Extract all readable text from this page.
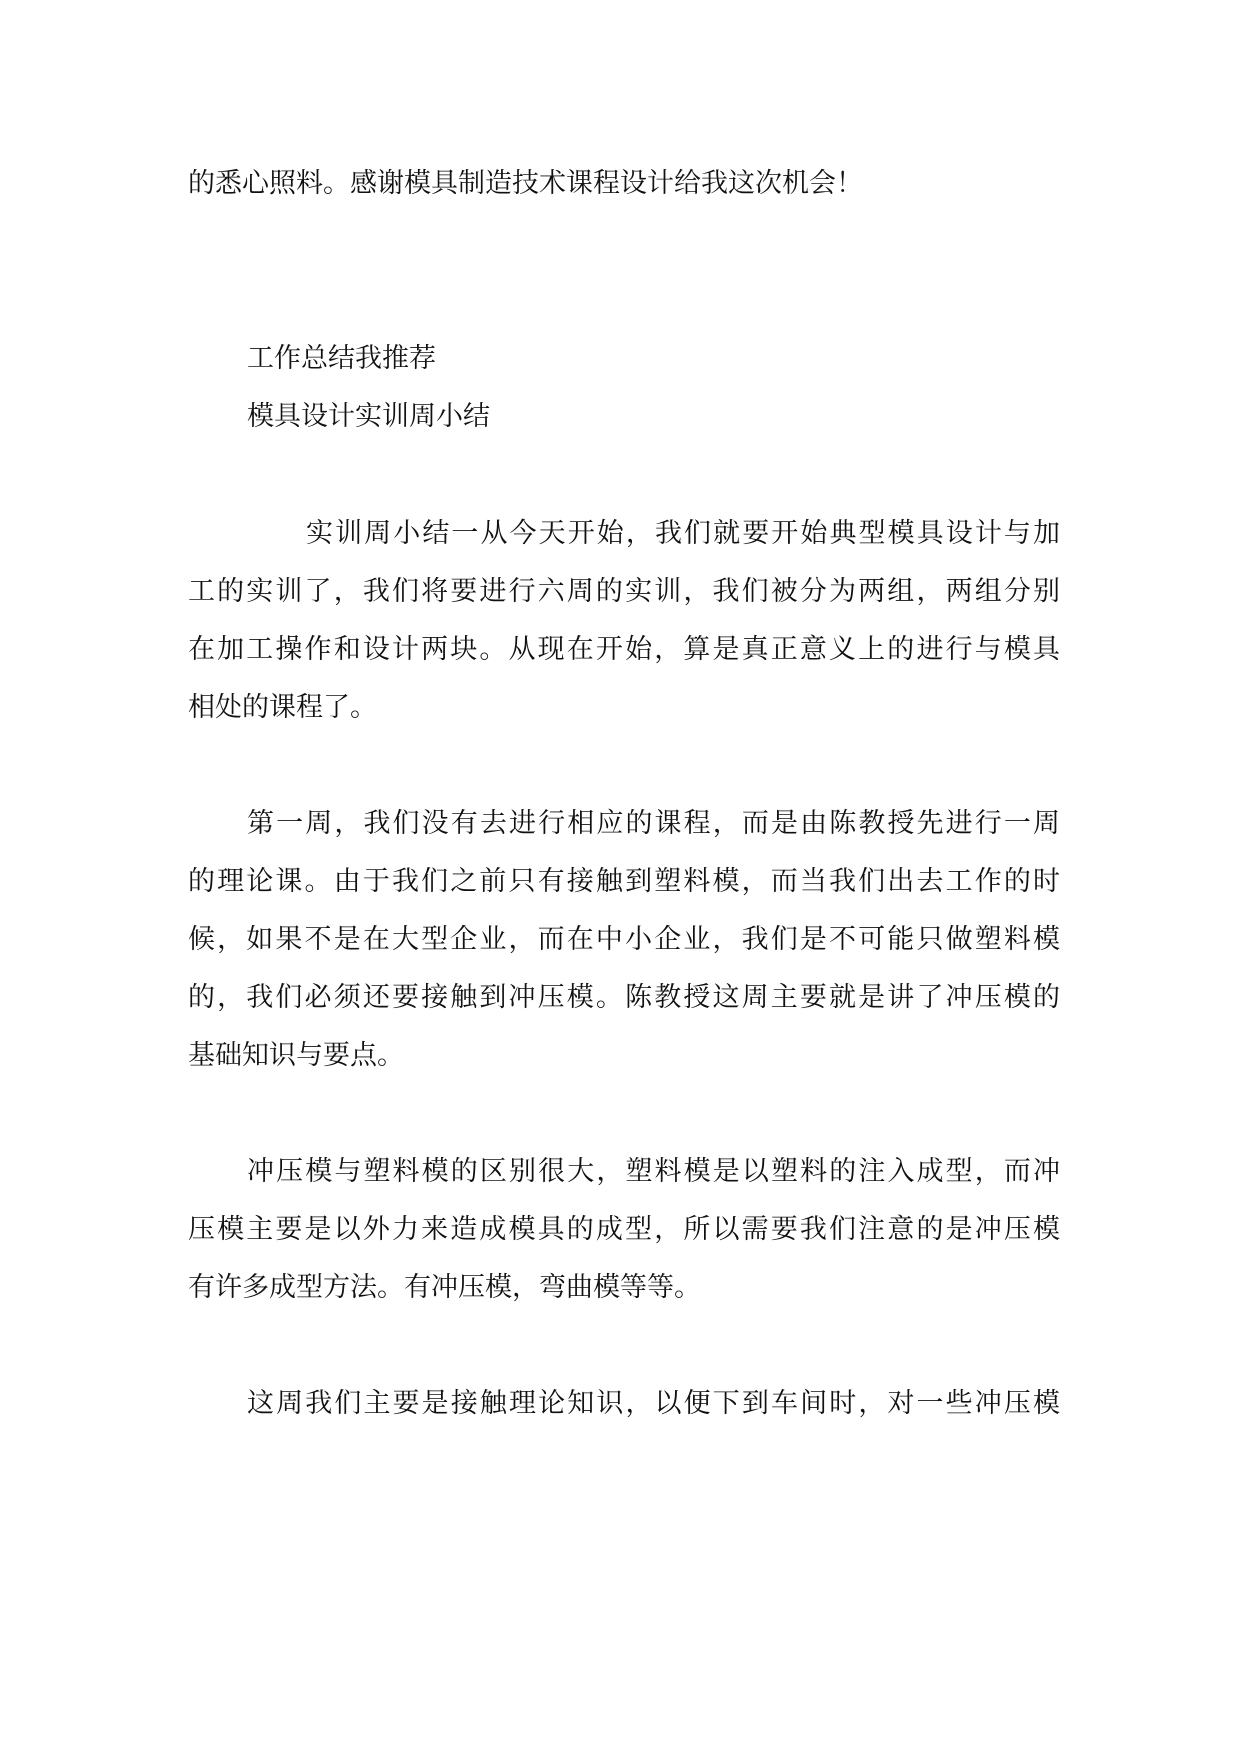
的悉心照料。感谢模具制造技术课程设计给我这次机会！
工作总结我推荐
模具设计实训周小结
实训周小结一从今天开始，我们就要开始典型模具设计与加
工的实训了，我们将要进行六周的实训，我们被分为两组，两组分别
在加工操作和设计两块。从现在开始，算是真正意义上的进行与模具
相处的课程了。
第一周，我们没有去进行相应的课程，而是由陈教授先进行一周
的理论课。由于我们之前只有接触到塑料模，而当我们出去工作的时
候，如果不是在大型企业，而在中小企业，我们是不可能只做塑料模
的，我们必须还要接触到冲压模。陈教授这周主要就是讲了冲压模的
基础知识与要点。
冲压模与塑料模的区别很大，塑料模是以塑料的注入成型，而冲
压模主要是以外力来造成模具的成型，所以需要我们注意的是冲压模
有许多成型方法。有冲压模，弯曲模等等。
这周我们主要是接触理论知识，以便下到车间时，对一些冲压模
